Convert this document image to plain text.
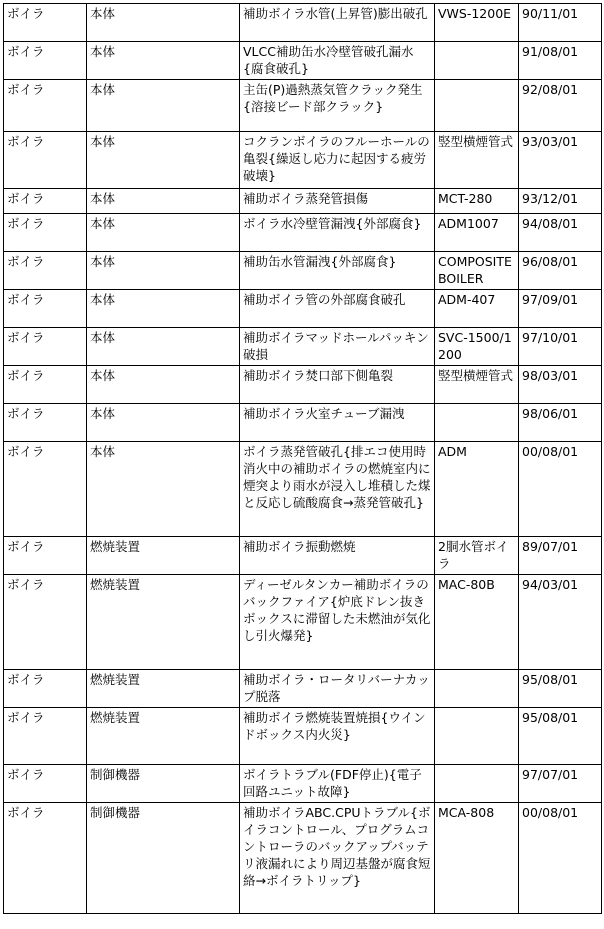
ボイラ	本体	補助ボイラ水管(上昇管)膨出破孔	VWS-1200E	90/11/01
ボイラ	本体	VLCC補助缶水冷壁管破孔漏水{腐食破孔}		91/08/01
ボイラ	本体	主缶(P)過熱蒸気管クラック発生{溶接ビード部クラック}		92/08/01
ボイラ	本体	コクランボイラのフルーホールの亀裂{繰返し応力に起因する疲労破壊}	竪型横煙管式	93/03/01
ボイラ	本体	補助ボイラ蒸発管損傷	MCT-280	93/12/01
ボイラ	本体	ボイラ水冷壁管漏洩{外部腐食}	ADM1007	94/08/01
ボイラ	本体	補助缶水管漏洩{外部腐食}	COMPOSITE BOILER	96/08/01
ボイラ	本体	補助ボイラ管の外部腐食破孔	ADM-407	97/09/01
ボイラ	本体	補助ボイラマッドホールパッキン破損	SVC-1500/1200	97/10/01
ボイラ	本体	補助ボイラ焚口部下側亀裂	竪型横煙管式	98/03/01
ボイラ	本体	補助ボイラ火室チューブ漏洩		98/06/01
ボイラ	本体	ボイラ蒸発管破孔{排エコ使用時消火中の補助ボイラの燃焼室内に煙突より雨水が浸入し堆積した煤と反応し硫酸腐食→蒸発管破孔}	ADM	00/08/01
ボイラ	燃焼装置	補助ボイラ振動燃焼	2胴水管ボイラ	89/07/01
ボイラ	燃焼装置	ディーゼルタンカー補助ボイラのバックファイア{炉底ドレン抜きボックスに滞留した未燃油が気化し引火爆発}	MAC-80B	94/03/01
ボイラ	燃焼装置	補助ボイラ・ロータリバーナカップ脱落		95/08/01
ボイラ	燃焼装置	補助ボイラ燃焼装置焼損{ウインドボックス内火災}		95/08/01
ボイラ	制御機器	ボイラトラブル(FDF停止){電子回路ユニット故障}		97/07/01
ボイラ	制御機器	補助ボイラABC.CPUトラブル{ボイラコントロール、プログラムコントローラのバックアップバッテリ液漏れにより周辺基盤が腐食短絡→ボイラトリップ}	MCA-808	00/08/01
